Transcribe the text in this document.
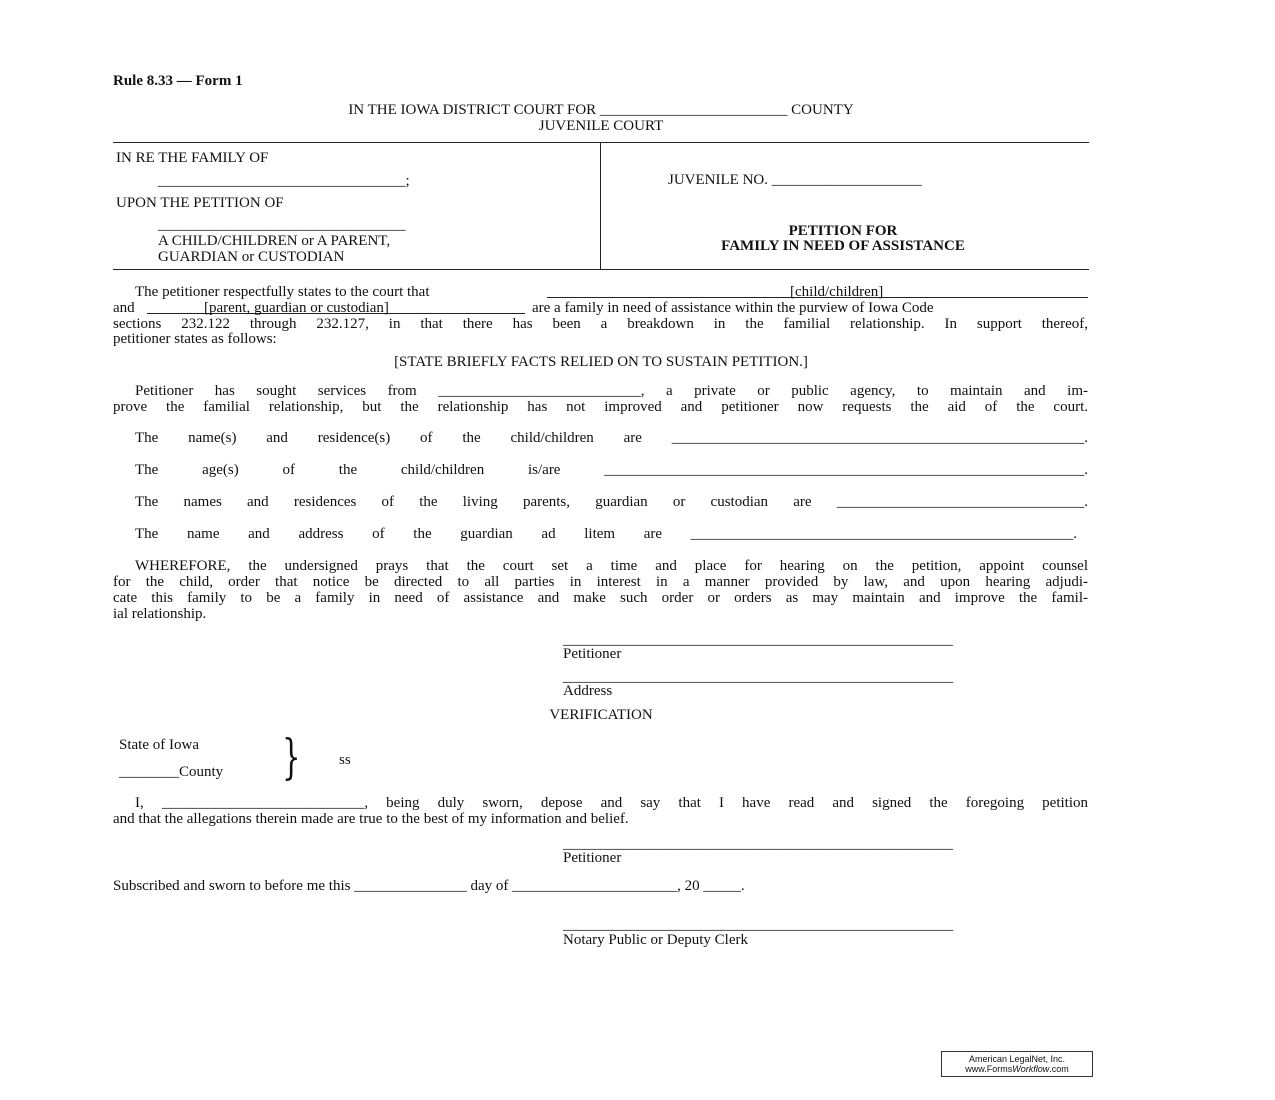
Rule 8.33 — Form 1
IN THE IOWA DISTRICT COURT FOR _________________________ COUNTY
JUVENILE COURT
IN RE THE FAMILY OF
_________________________________;
UPON THE PETITION OF
_________________________________
A CHILD/CHILDREN or A PARENT,
GUARDIAN or CUSTODIAN
JUVENILE NO. ____________________
PETITION FOR
FAMILY IN NEED OF ASSISTANCE
The petitioner respectfully states to the court that	[child/children]
and	[parent, guardian or custodian]	are a family in need of assistance within the purview of Iowa Code
sections 232.122 through 232.127, in that there has been a breakdown in the familial relationship. In support thereof,
petitioner states as follows:
[STATE BRIEFLY FACTS RELIED ON TO SUSTAIN PETITION.]
Petitioner has sought services from ___________________________, a private or public agency, to maintain and im-
prove the familial relationship, but the relationship has not improved and petitioner now requests the aid of the court.
The name(s) and residence(s) of the child/children are _______________________________________________________.
The age(s) of the child/children is/are ________________________________________________________________.
The names and residences of the living parents, guardian or custodian are _________________________________.
The name and address of the guardian ad litem are ___________________________________________________.
WHEREFORE, the undersigned prays that the court set a time and place for hearing on the petition, appoint counsel
for the child, order that notice be directed to all parties in interest in a manner provided by law, and upon hearing adjudi-
cate this family to be a family in need of assistance and make such order or orders as may maintain and improve the famil-
ial relationship.
____________________________________________________
Petitioner
____________________________________________________
Address
VERIFICATION
State of Iowa
________County }	ss
I, ___________________________, being duly sworn, depose and say that I have read and signed the foregoing petition
and that the allegations therein made are true to the best of my information and belief.
____________________________________________________
Petitioner
Subscribed and sworn to before me this _______________ day of ______________________, 20 _____.
____________________________________________________
Notary Public or Deputy Clerk
American LegalNet, Inc.
www.FormsWorkflow.com
